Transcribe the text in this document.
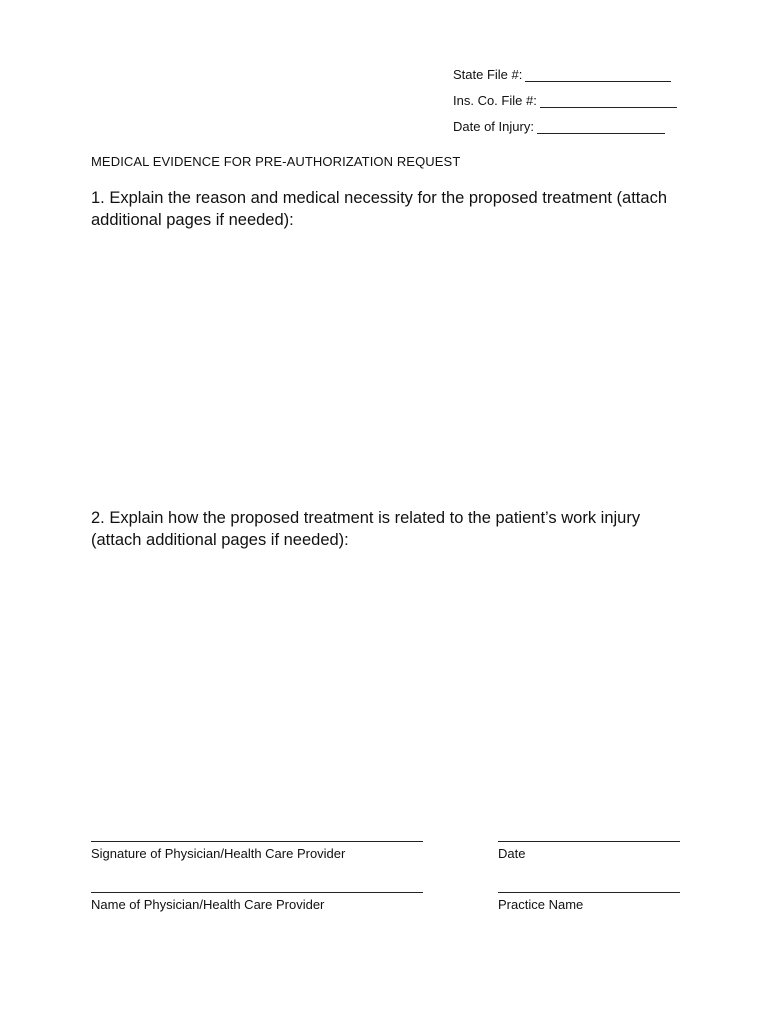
State File #:
Ins. Co. File #:
Date of Injury:
MEDICAL EVIDENCE FOR PRE-AUTHORIZATION REQUEST
1. Explain the reason and medical necessity for the proposed treatment (attach additional pages if needed):
2. Explain how the proposed treatment is related to the patient’s work injury (attach additional pages if needed):
Signature of Physician/Health Care Provider	Date
Name of Physician/Health Care Provider	Practice Name
